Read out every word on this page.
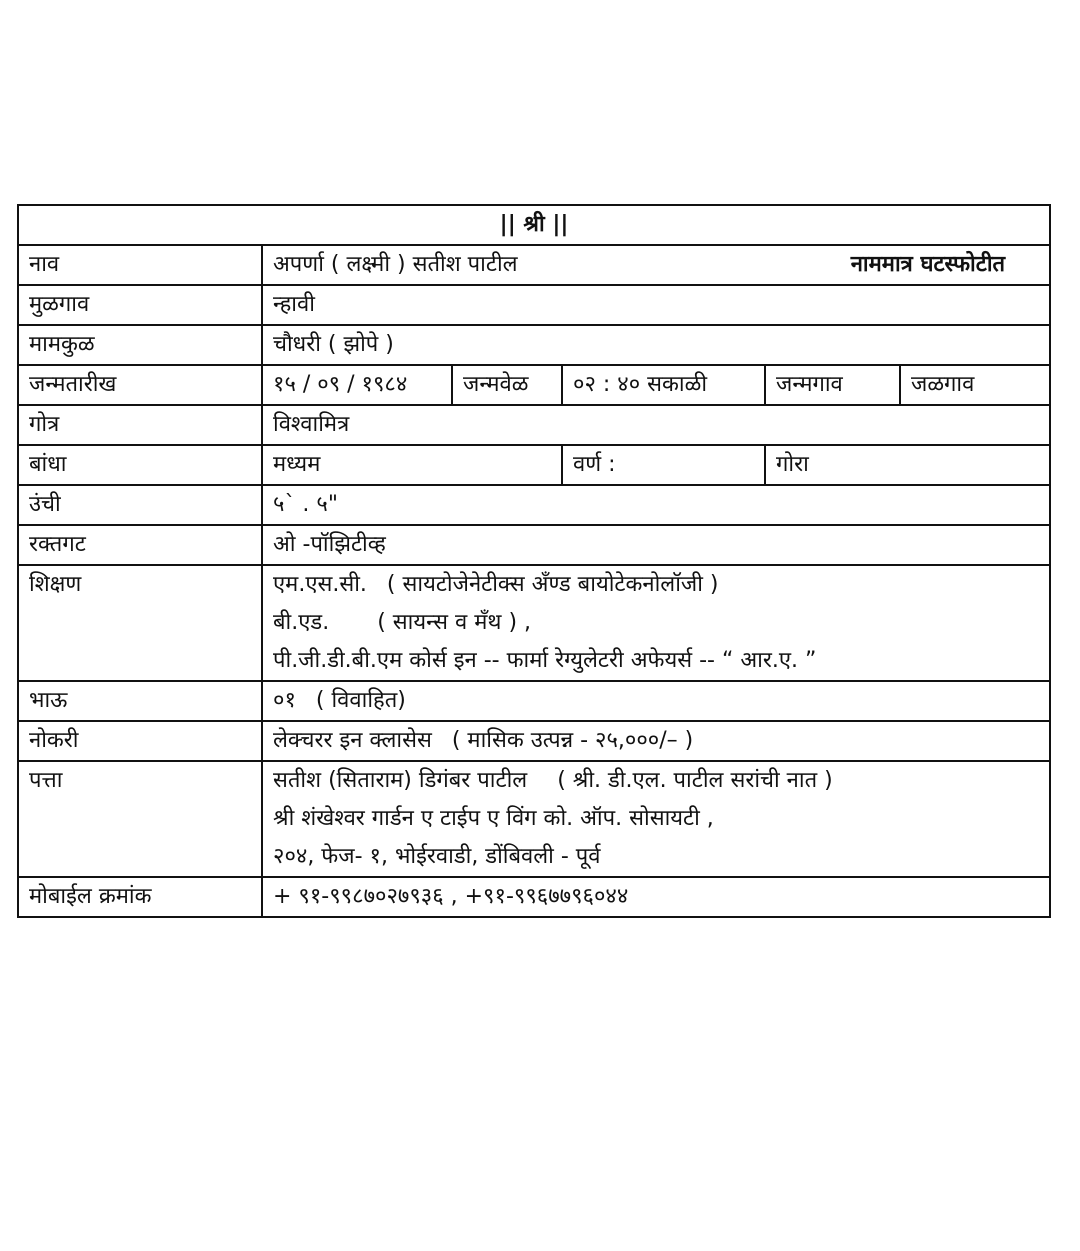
|| श्री ||					
नाव	अपर्णा ( लक्ष्मी ) सतीश पाटील नाममात्र घटस्फोटीत				

मुळगाव	न्हावी				
मामकुळ	चौधरी ( झोपे )				
जन्मतारीख	१५ / ०९ / १९८४	जन्मवेळ	०२ : ४० सकाळी	जन्मगाव	जळगाव
गोत्र	विश्वामित्र				
बांधा	मध्यम		वर्ण :	गोरा	
उंची	५` . ५"				
रक्तगट	ओ -पॉझिटीव्ह				
शिक्षण	एम.एस.सी. ( सायटोजेनेटीक्स अँण्ड बायोटेकनोलॉजी )
बी.एड. ( सायन्स व मँथ ) ,
पी.जी.डी.बी.एम कोर्स इन -- फार्मा रेग्युलेटरी अफेयर्स -- “ आर.ए. ”				

भाऊ	०१ ( विवाहित)				
नोकरी	लेक्चरर इन क्लासेस ( मासिक उत्पन्न - २५,०००/– )				
पत्ता	सतीश (सिताराम) डिगंबर पाटील ( श्री. डी.एल. पाटील सरांची नात )
श्री शंखेश्वर गार्डन ए टाईप ए विंग को. ऑप. सोसायटी ,
२०४, फेज- १, भोईरवाडी, डोंबिवली - पूर्व				

मोबाईल क्रमांक	+ ९१-९९८७०२७९३६ , +९१-९९६७७९६०४४				
